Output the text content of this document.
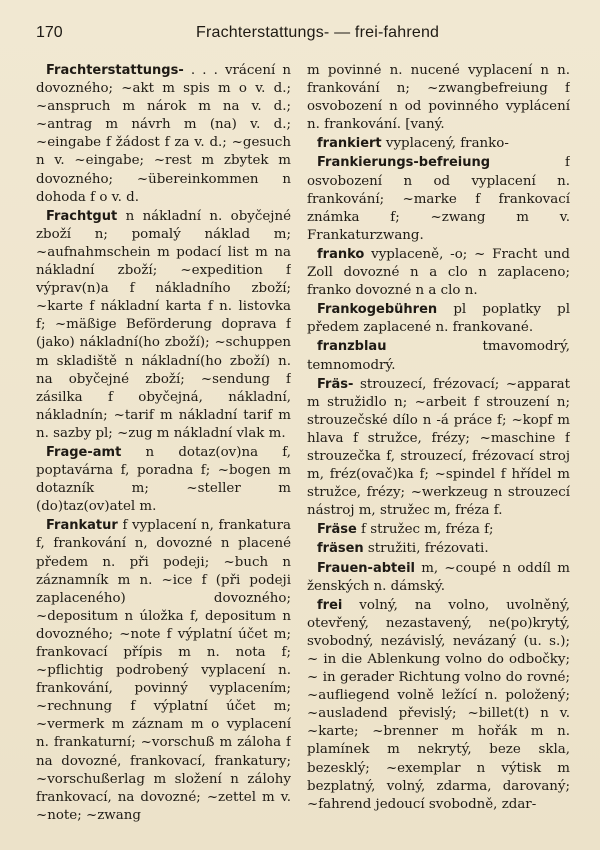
170	Frachterstattungs- — frei-fahrend

Frachterstattungs- . . . vrácení n dovozného; ~akt m spis m o v. d.; ~anspruch m nárok m na v. d.; ~antrag m návrh m (na) v. d.; ~eingabe f žádost f za v. d.; ~gesuch n v. ~eingabe; ~rest m zbytek m dovozného; ~übereinkommen n dohoda f o v. d.

Frachtgut n nákladní n. obyčejné zboží n; pomalý náklad m; ~aufnahmschein m podací list m na nákladní zboží; ~expedition f výprav(n)a f nákladního zboží; ~karte f nákladní karta f n. listovka f; ~mäßige Beförderung doprava f (jako) nákladní(ho zboží); ~schuppen m skladiště n nákladní(ho zboží) n. na obyčejné zboží; ~sendung f zásilka f obyčejná, nákladní, nákladnín; ~tarif m nákladní tarif m n. sazby pl; ~zug m nákladní vlak m.

Frage-amt n dotaz(ov)na f, poptavárna f, poradna f; ~bogen m dotazník m; ~steller m (do)taz(ov)atel m.

Frankatur f vyplacení n, frankatura f, frankování n, dovozné n placené předem n. při podeji; ~buch n záznamník m n. ~ice f (při podeji zaplaceného) dovozného; ~depositum n úložka f, depositum n dovozného; ~note f výplatní účet m; frankovací přípis m n. nota f; ~pflichtig podrobený vyplacení n. frankování, povinný vyplacením; ~rechnung f výplatní účet m; ~vermerk m záznam m o vyplacení n. frankaturní; ~vorschuß m záloha f na dovozné, frankovací, frankatury; ~vorschußerlag m složení n zálohy frankovací, na dovozné; ~zettel m v. ~note; ~zwang

m povinné n. nucené vyplacení n n. frankování n; ~zwangbefreiung f osvobození n od povinného vyplácení n. frankování. [vaný.

frankiert vyplacený, franko-

Frankierungs-befreiung f osvobození n od vyplacení n. frankování; ~marke f frankovací známka f; ~zwang m v. Frankaturzwang.

franko vyplaceně, -o; ~ Fracht und Zoll dovozné n a clo n zaplaceno; franko dovozné n a clo n.

Frankogebühren pl poplatky pl předem zaplacené n. frankované.

franzblau tmavomodrý, temnomodrý.

Fräs- strouzecí, frézovací; ~apparat m stružidlo n; ~arbeit f strouzení n; strouzečské dílo n -á práce f; ~kopf m hlava f stružce, frézy; ~maschine f strouzečka f, strouzecí, frézovací stroj m, fréz(ovač)ka f; ~spindel f hřídel m stružce, frézy; ~werkzeug n strouzecí nástroj m, stružec m, fréza f.

Fräse f stružec m, fréza f;

fräsen stružiti, frézovati.

Frauen-abteil m, ~coupé n oddíl m ženských n. dámský.

frei volný, na volno, uvolněný, otevřený, nezastavený, ne(po)krytý, svobodný, nezávislý, nevázaný (u. s.); ~ in die Ablenkung volno do odbočky; ~ in gerader Richtung volno do rovné; ~aufliegend volně ležící n. položený; ~ausladend převislý; ~billet(t) n v. ~karte; ~brenner m hořák m n. plamínek m nekrytý, beze skla, bezesklý; ~exemplar n výtisk m bezplatný, volný, zdarma, darovaný; ~fahrend jedoucí svobodně, zdar-
